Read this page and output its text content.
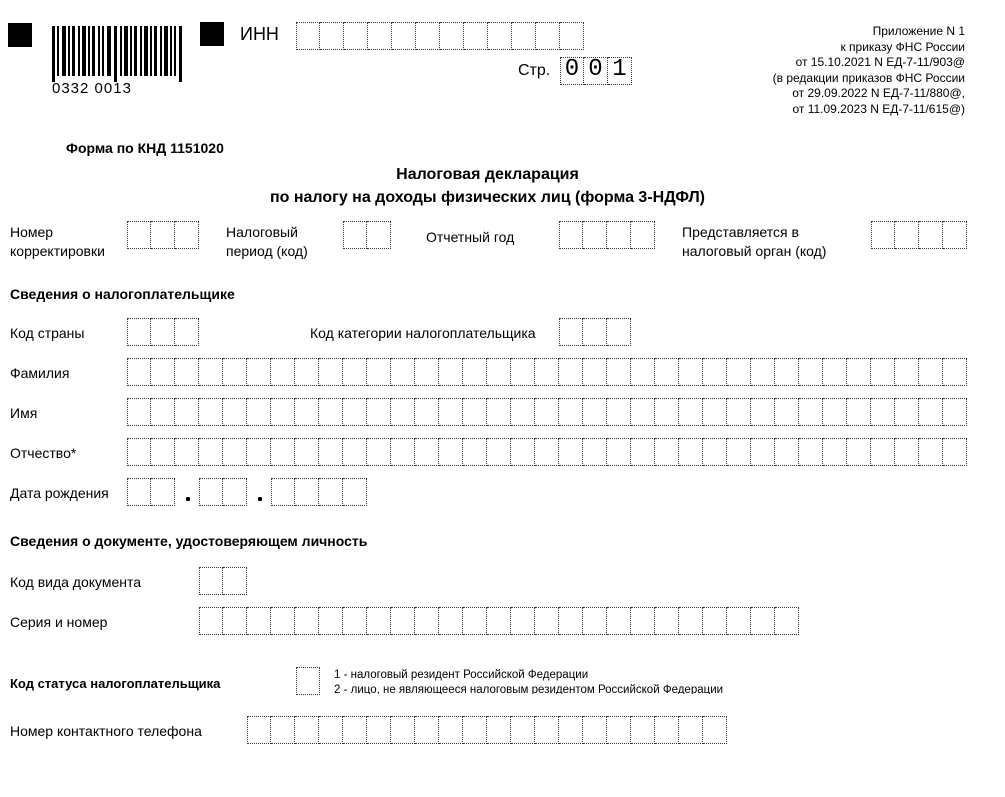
0332 0013
ИНН
Стр. 0 0 1
Приложение N 1
к приказу ФНС России
от 15.10.2021 N ЕД-7-11/903@
(в редакции приказов ФНС России
от 29.09.2022 N ЕД-7-11/880@,
от 11.09.2023 N ЕД-7-11/615@)
Форма по КНД 1151020
Налоговая декларация
по налогу на доходы физических лиц (форма 3-НДФЛ)
Номер
корректировки
Налоговый
период (код)
Отчетный год	Представляется в
налоговый орган (код)
Сведения о налогоплательщике
Код страны	Код категории налогоплательщика
Фамилия
Имя
Отчество*
Дата рождения
Сведения о документе, удостоверяющем личность
Код вида документа
Серия и номер
Код статуса налогоплательщика
1 - налоговый резидент Российской Федерации
2 - лицо, не являющееся налоговым резидентом Российской Федерации
Номер контактного телефона
